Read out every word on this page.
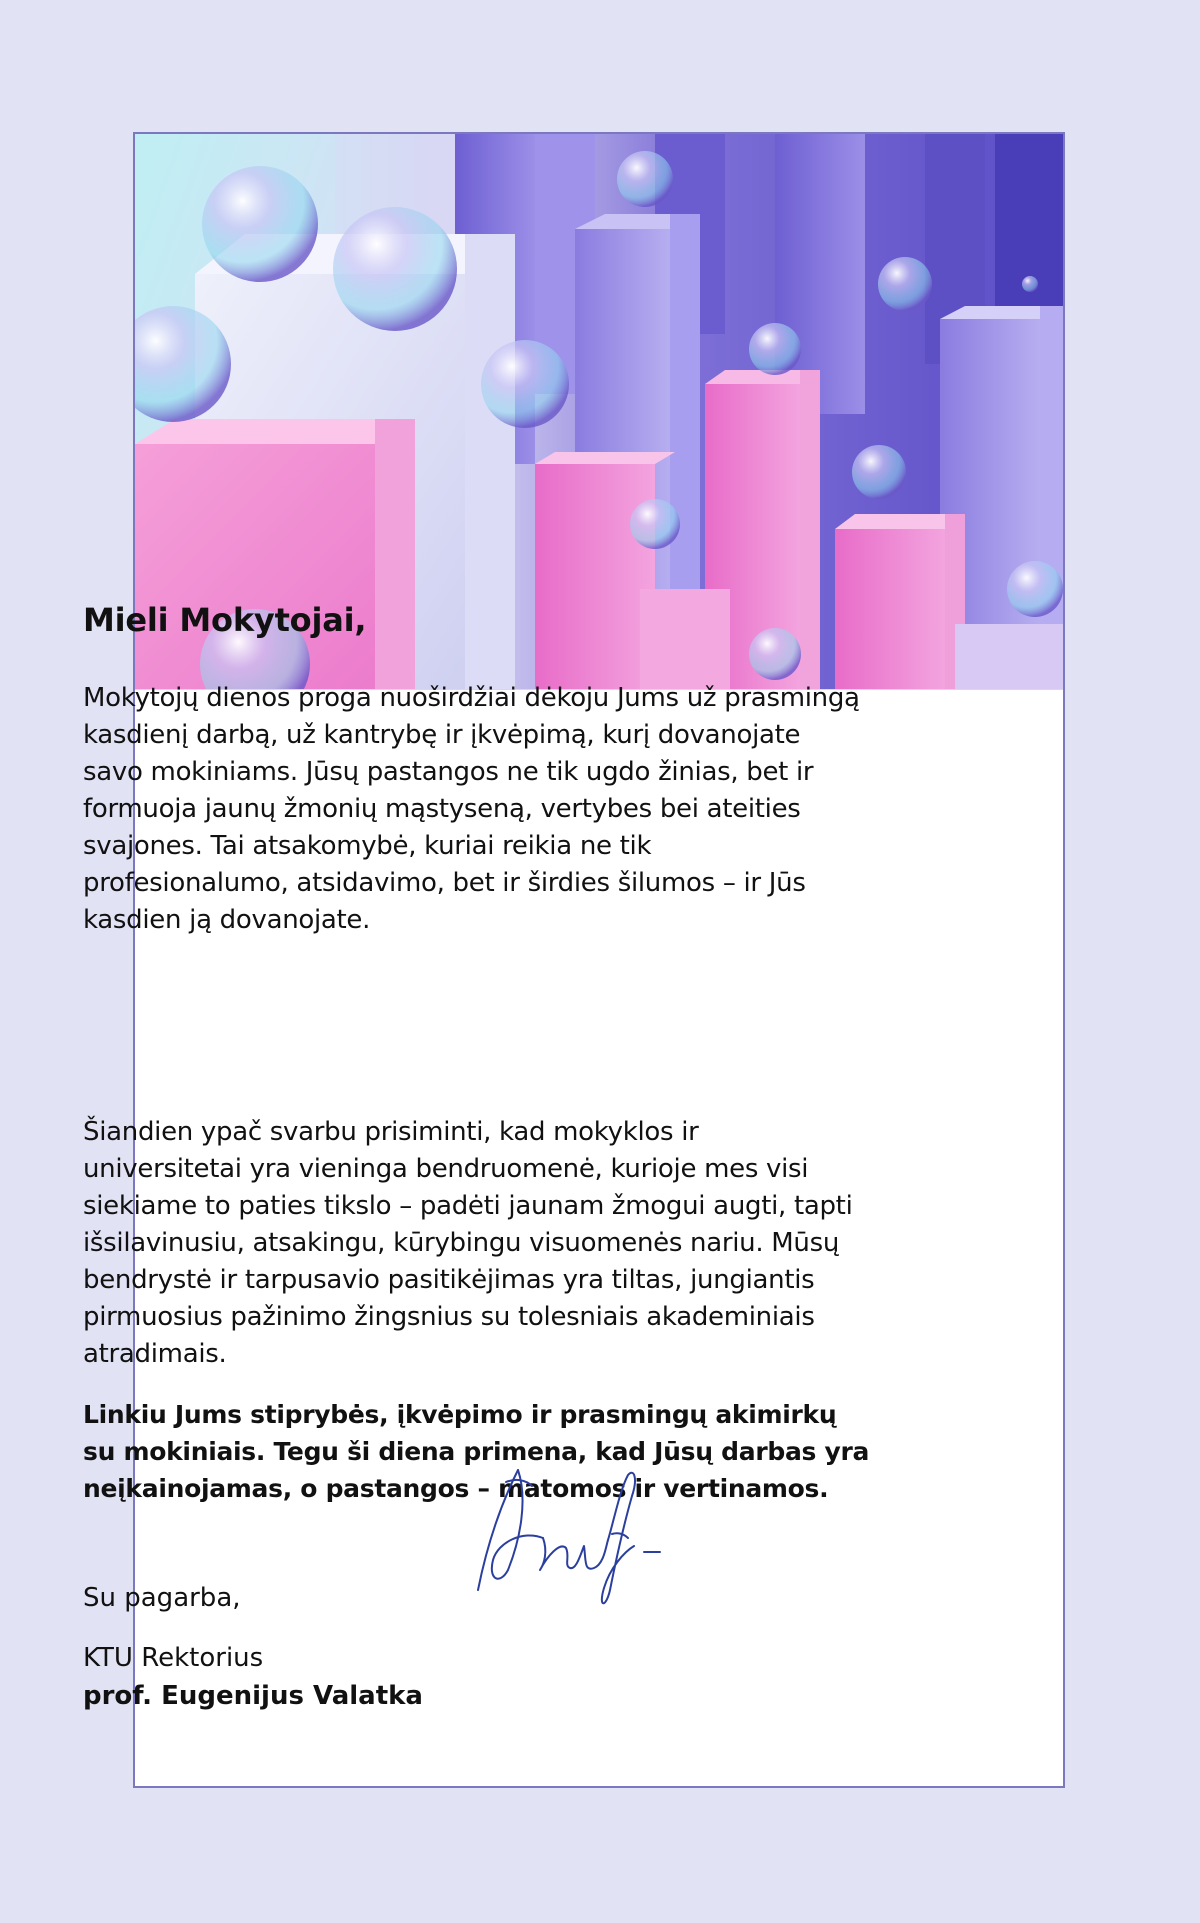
Mieli Mokytojai,

Mokytojų dienos proga nuoširdžiai dėkoju Jums už prasmingą kasdienį darbą, už kantrybę ir įkvėpimą, kurį dovanojate savo mokiniams. Jūsų pastangos ne tik ugdo žinias, bet ir formuoja jaunų žmonių mąstyseną, vertybes bei ateities svajones. Tai atsakomybė, kuriai reikia ne tik profesionalumo, atsidavimo, bet ir širdies šilumos – ir Jūs kasdien ją dovanojate.

Šiandien ypač svarbu prisiminti, kad mokyklos ir universitetai yra vieninga bendruomenė, kurioje mes visi siekiame to paties tikslo – padėti jaunam žmogui augti, tapti išsilavinusiu, atsakingu, kūrybingu visuomenės nariu. Mūsų bendrystė ir tarpusavio pasitikėjimas yra tiltas, jungiantis pirmuosius pažinimo žingsnius su tolesniais akademiniais atradimais.

Linkiu Jums stiprybės, įkvėpimo ir prasmingų akimirkų su mokiniais. Tegu ši diena primena, kad Jūsų darbas yra neįkainojamas, o pastangos – matomos ir vertinamos.

Su pagarba,
KTU Rektorius
prof. Eugenijus Valatka
